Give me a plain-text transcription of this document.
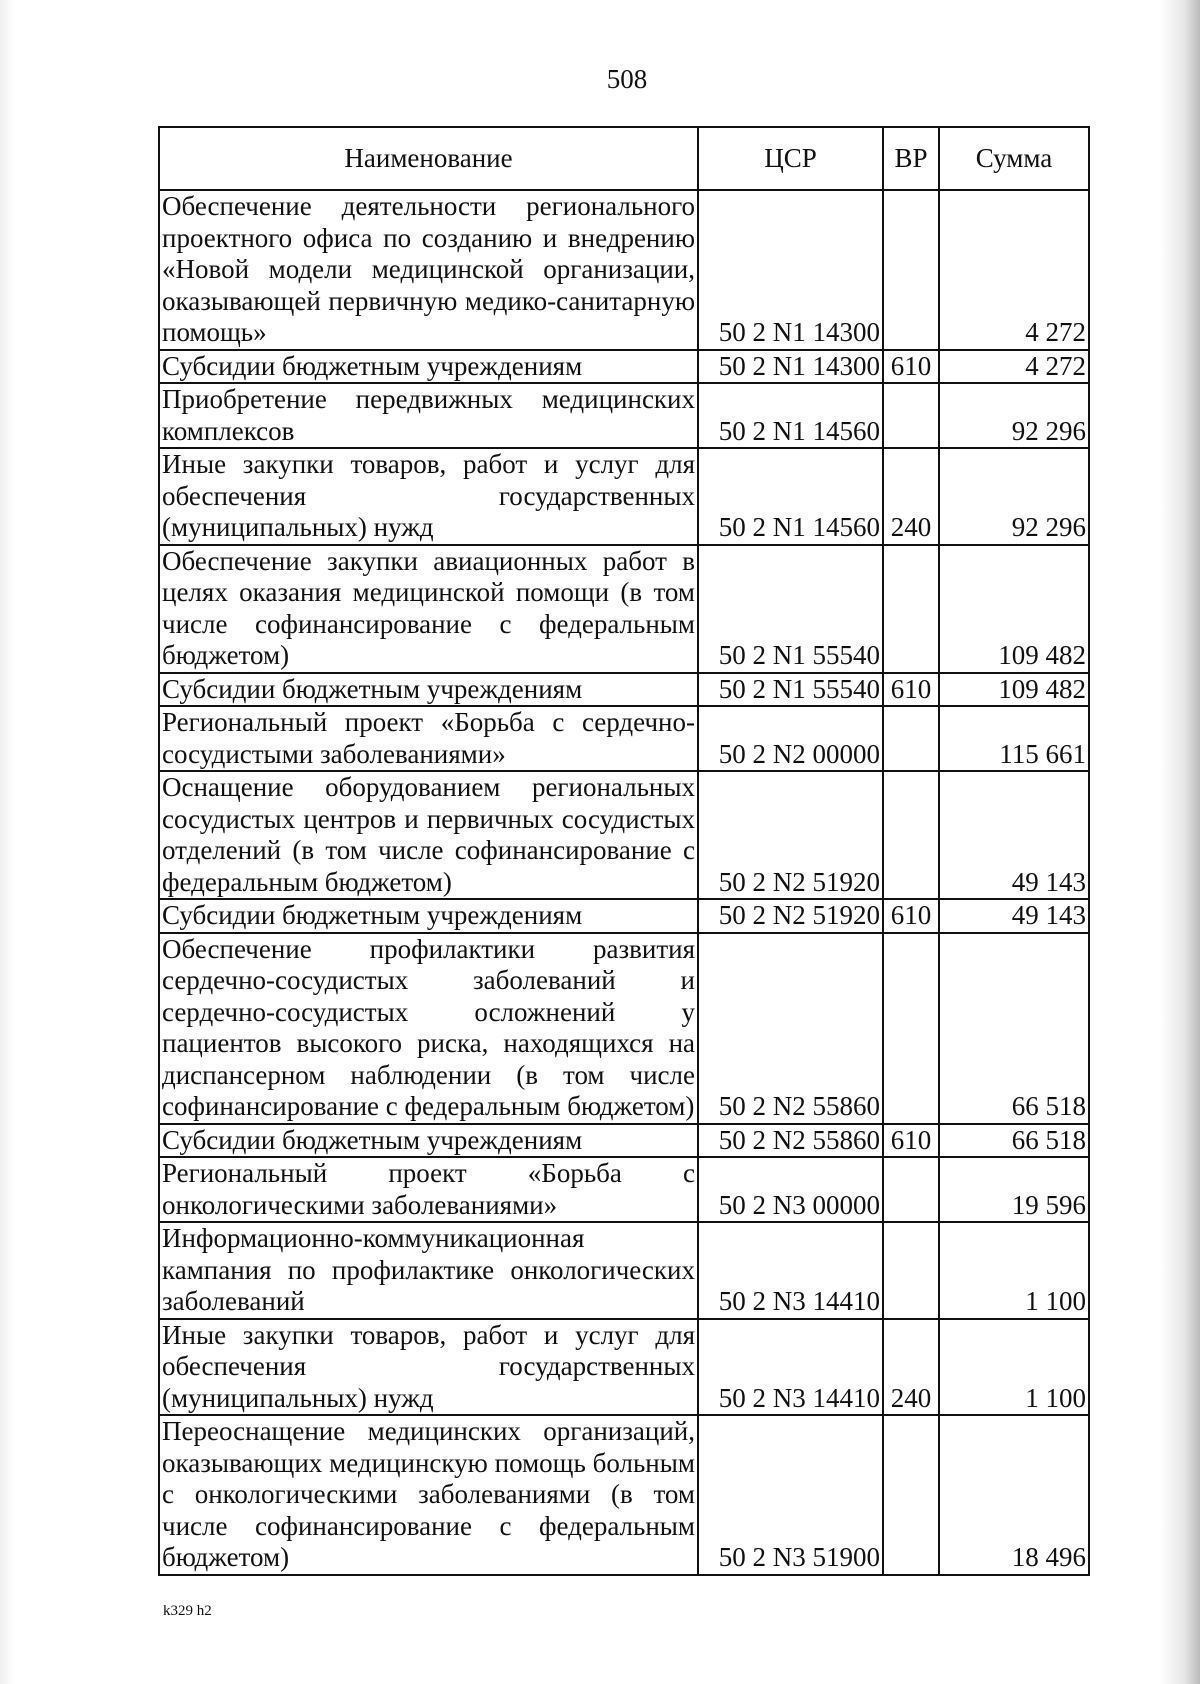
508
Наименование	ЦСР	ВР	Сумма
Обеспечение деятельности регионального проектного офиса по созданию и внедрению «Новой модели медицинской организации, оказывающей первичную медико-санитарную помощь»	50 2 N1 14300		4 272
Субсидии бюджетным учреждениям	50 2 N1 14300	610	4 272
Приобретение передвижных медицинских комплексов	50 2 N1 14560		92 296
Иные закупки товаров, работ и услуг для обеспечения государственных (муниципальных) нужд	50 2 N1 14560	240	92 296
Обеспечение закупки авиационных работ в целях оказания медицинской помощи (в том числе софинансирование с федеральным бюджетом)	50 2 N1 55540		109 482
Субсидии бюджетным учреждениям	50 2 N1 55540	610	109 482
Региональный проект «Борьба с сердечно-сосудистыми заболеваниями»	50 2 N2 00000		115 661
Оснащение оборудованием региональных сосудистых центров и первичных сосудистых отделений (в том числе софинансирование с федеральным бюджетом)	50 2 N2 51920		49 143
Субсидии бюджетным учреждениям	50 2 N2 51920	610	49 143
Обеспечение профилактики развития сердечно-сосудистых заболеваний и сердечно-сосудистых осложнений у пациентов высокого риска, находящихся на диспансерном наблюдении (в том числе софинансирование с федеральным бюджетом)	50 2 N2 55860		66 518
Субсидии бюджетным учреждениям	50 2 N2 55860	610	66 518
Региональный проект «Борьба с онкологическими заболеваниями»	50 2 N3 00000		19 596
Информационно-коммуникационная кампания по профилактике онкологических заболеваний	50 2 N3 14410		1 100
Иные закупки товаров, работ и услуг для обеспечения государственных (муниципальных) нужд	50 2 N3 14410	240	1 100
Переоснащение медицинских организаций, оказывающих медицинскую помощь больным с онкологическими заболеваниями (в том числе софинансирование с федеральным бюджетом)	50 2 N3 51900		18 496
k329 h2
